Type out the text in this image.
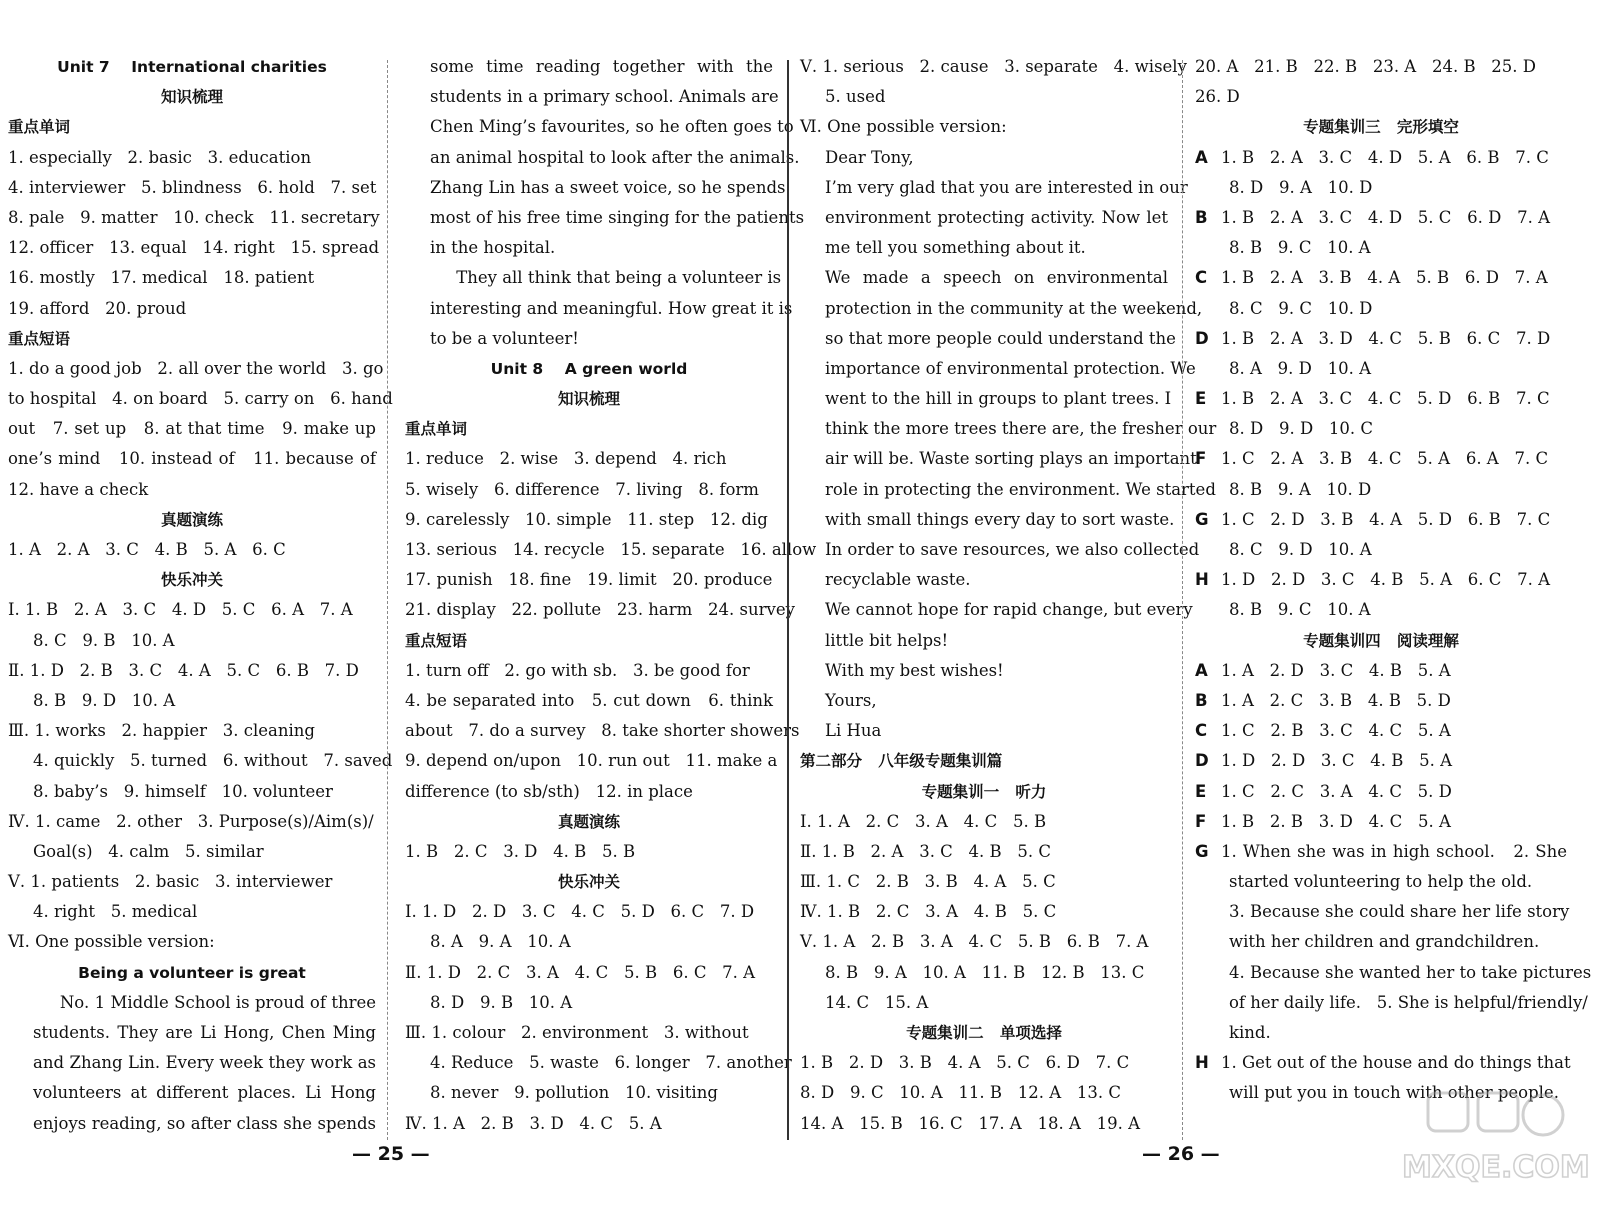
Unit 7    International charities
知识梳理
重点单词
1. especially   2. basic   3. education
4. interviewer   5. blindness   6. hold   7. set
8. pale   9. matter   10. check   11. secretary
12. officer   13. equal   14. right   15. spread
16. mostly   17. medical   18. patient
19. afford   20. proud
重点短语
1. do a good job   2. all over the world   3. go
to hospital   4. on board   5. carry on   6. hand
out   7. set up   8. at that time   9. make up
one’s mind   10. instead of   11. because of
12. have a check
真题演练
1. A   2. A   3. C   4. B   5. A   6. C
快乐冲关
Ⅰ. 1. B   2. A   3. C   4. D   5. C   6. A   7. A
8. C   9. B   10. A
Ⅱ. 1. D   2. B   3. C   4. A   5. C   6. B   7. D
8. B   9. D   10. A
Ⅲ. 1. works   2. happier   3. cleaning
4. quickly   5. turned   6. without   7. saved
8. baby’s   9. himself   10. volunteer
Ⅳ. 1. came   2. other   3. Purpose(s)/Aim(s)/
Goal(s)   4. calm   5. similar
Ⅴ. 1. patients   2. basic   3. interviewer
4. right   5. medical
Ⅵ. One possible version:
Being a volunteer is great
No. 1 Middle School is proud of three
students. They are Li Hong, Chen Ming
and Zhang Lin. Every week they work as
volunteers at different places. Li Hong
enjoys reading, so after class she spends
some time reading together with the
students in a primary school. Animals are
Chen Ming’s favourites, so he often goes to
an animal hospital to look after the animals.
Zhang Lin has a sweet voice, so he spends
most of his free time singing for the patients
in the hospital.
They all think that being a volunteer is
interesting and meaningful. How great it is
to be a volunteer!
Unit 8    A green world
知识梳理
重点单词
1. reduce   2. wise   3. depend   4. rich
5. wisely   6. difference   7. living   8. form
9. carelessly   10. simple   11. step   12. dig
13. serious   14. recycle   15. separate   16. allow
17. punish   18. fine   19. limit   20. produce
21. display   22. pollute   23. harm   24. survey
重点短语
1. turn off   2. go with sb.   3. be good for
4. be separated into   5. cut down   6. think
about   7. do a survey   8. take shorter showers
9. depend on/upon   10. run out   11. make a
difference (to sb/sth)   12. in place
真题演练
1. B   2. C   3. D   4. B   5. B
快乐冲关
Ⅰ. 1. D   2. D   3. C   4. C   5. D   6. C   7. D
8. A   9. A   10. A
Ⅱ. 1. D   2. C   3. A   4. C   5. B   6. C   7. A
8. D   9. B   10. A
Ⅲ. 1. colour   2. environment   3. without
4. Reduce   5. waste   6. longer   7. another
8. never   9. pollution   10. visiting
Ⅳ. 1. A   2. B   3. D   4. C   5. A
Ⅴ. 1. serious   2. cause   3. separate   4. wisely
5. used
Ⅵ. One possible version:
Dear Tony,
I’m very glad that you are interested in our
environment protecting activity. Now let
me tell you something about it.
We made a speech on environmental
protection in the community at the weekend,
so that more people could understand the
importance of environmental protection. We
went to the hill in groups to plant trees. I
think the more trees there are, the fresher our
air will be. Waste sorting plays an important
role in protecting the environment. We started
with small things every day to sort waste.
In order to save resources, we also collected
recyclable waste.
We cannot hope for rapid change, but every
little bit helps!
With my best wishes!
Yours,
Li Hua
第二部分   八年级专题集训篇
专题集训一   听力
Ⅰ. 1. A   2. C   3. A   4. C   5. B
Ⅱ. 1. B   2. A   3. C   4. B   5. C
Ⅲ. 1. C   2. B   3. B   4. A   5. C
Ⅳ. 1. B   2. C   3. A   4. B   5. C
Ⅴ. 1. A   2. B   3. A   4. C   5. B   6. B   7. A
8. B   9. A   10. A   11. B   12. B   13. C
14. C   15. A
专题集训二   单项选择
1. B   2. D   3. B   4. A   5. C   6. D   7. C
8. D   9. C   10. A   11. B   12. A   13. C
14. A   15. B   16. C   17. A   18. A   19. A
20. A   21. B   22. B   23. A   24. B   25. D
26. D
专题集训三   完形填空
A 1. B   2. A   3. C   4. D   5. A   6. B   7. C
8. D   9. A   10. D
B 1. B   2. A   3. C   4. D   5. C   6. D   7. A
8. B   9. C   10. A
C 1. B   2. A   3. B   4. A   5. B   6. D   7. A
8. C   9. C   10. D
D 1. B   2. A   3. D   4. C   5. B   6. C   7. D
8. A   9. D   10. A
E 1. B   2. A   3. C   4. C   5. D   6. B   7. C
8. D   9. D   10. C
F 1. C   2. A   3. B   4. C   5. A   6. A   7. C
8. B   9. A   10. D
G 1. C   2. D   3. B   4. A   5. D   6. B   7. C
8. C   9. D   10. A
H 1. D   2. D   3. C   4. B   5. A   6. C   7. A
8. B   9. C   10. A
专题集训四   阅读理解
A 1. A   2. D   3. C   4. B   5. A
B 1. A   2. C   3. B   4. B   5. D
C 1. C   2. B   3. C   4. C   5. A
D 1. D   2. D   3. C   4. B   5. A
E 1. C   2. C   3. A   4. C   5. D
F 1. B   2. B   3. D   4. C   5. A
G 1. When she was in high school.   2. She
started volunteering to help the old.
3. Because she could share her life story
with her children and grandchildren.
4. Because she wanted her to take pictures
of her daily life.   5. She is helpful/friendly/
kind.
H 1. Get out of the house and do things that
will put you in touch with other people.
— 25 —	— 26 —	MXQE.COM
